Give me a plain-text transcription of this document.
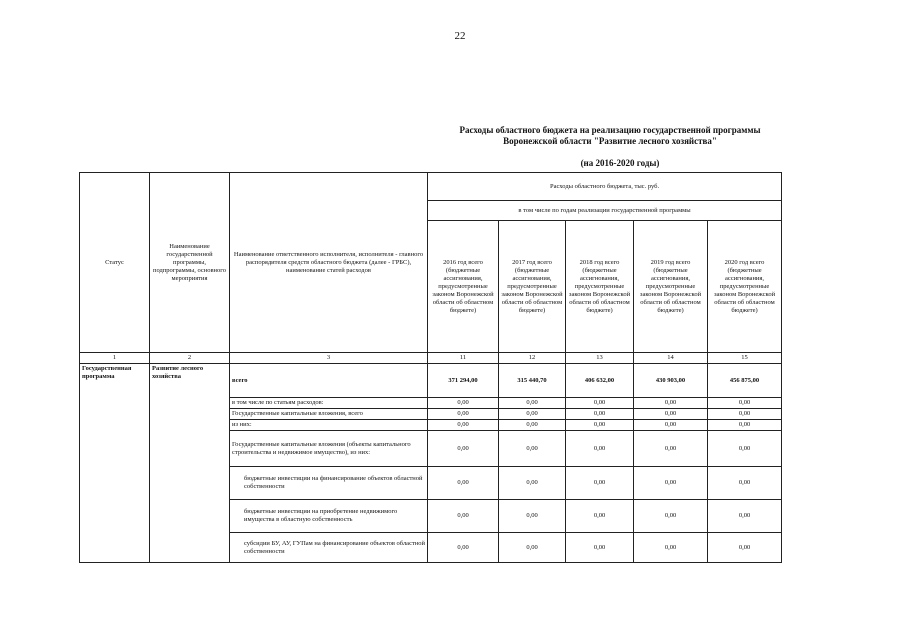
22
Расходы областного бюджета на реализацию государственной программы
Воронежской области "Развитие лесного хозяйства"
(на 2016-2020 годы)
Статус	Наименование государственной программы, подпрограммы, основного мероприятия	Наименование ответственного исполнителя, исполнителя - главного распорядителя средств областного бюджета (далее - ГРБС), наименование статей расходов	Расходы областного бюджета, тыс. руб.				
			в том числе по годам реализации государственной программы				
			2016 год всего (бюджетные ассигнования, предусмотренные законом Воронежской области об областном бюджете)	2017 год всего (бюджетные ассигнования, предусмотренные законом Воронежской области об областном бюджете)	2018 год всего (бюджетные ассигнования, предусмотренные законом Воронежской области об областном бюджете)	2019 год всего (бюджетные ассигнования, предусмотренные законом Воронежской области об областном бюджете)	2020 год всего (бюджетные ассигнования, предусмотренные законом Воронежской области об областном бюджете)
1	2	3	11	12	13	14	15
Государственная программа	Развитие лесного хозяйства	всего	371 294,00	315 440,70	406 632,00	430 903,00	456 875,00
		в том числе по статьям расходов:	0,00	0,00	0,00	0,00	0,00
		Государственные капитальные вложения, всего	0,00	0,00	0,00	0,00	0,00
		из них:	0,00	0,00	0,00	0,00	0,00
		Государственные капитальные вложения (объекты капитального строительства и недвижимое имущество), из них:	0,00	0,00	0,00	0,00	0,00
		бюджетные инвестиции на финансирование объектов областной собственности	0,00	0,00	0,00	0,00	0,00
		бюджетные инвестиции на приобретение недвижимого имущества в областную собственность	0,00	0,00	0,00	0,00	0,00
		субсидии БУ, АУ, ГУПам на финансирование объектов областной собственности	0,00	0,00	0,00	0,00	0,00
